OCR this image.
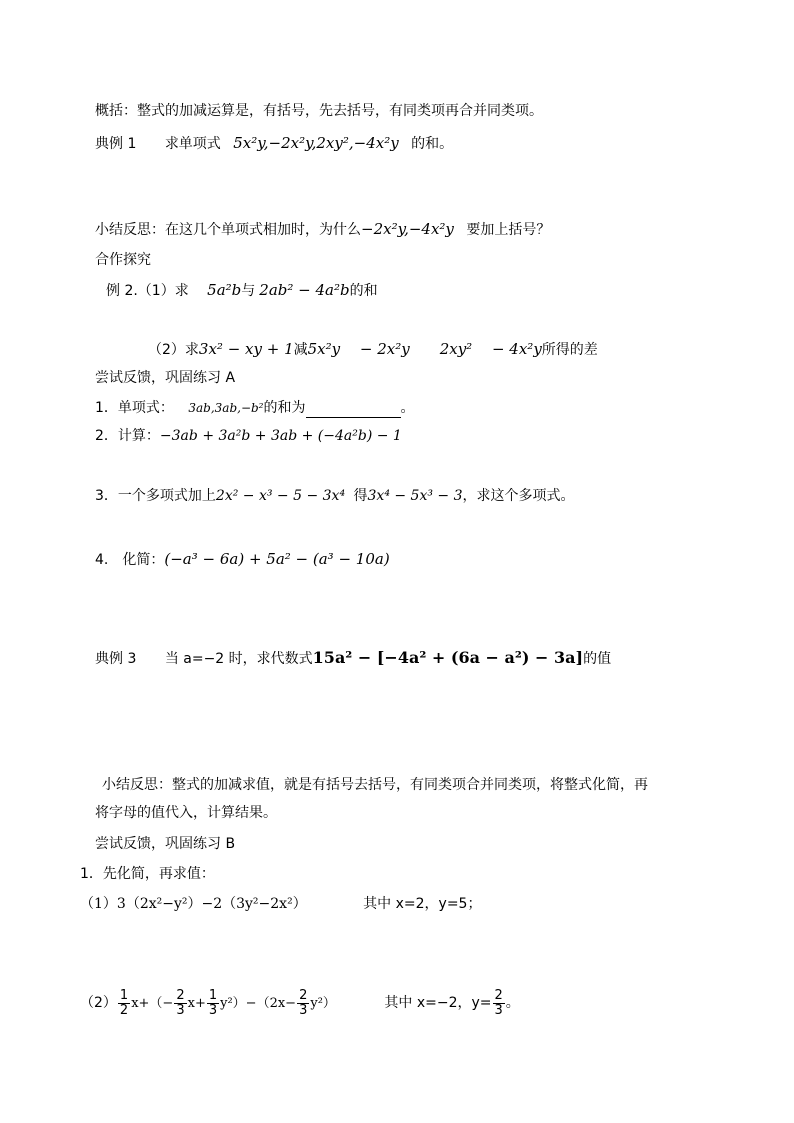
概括：整式的加减运算是，有括号，先去括号，有同类项再合并同类项。
典例 1 求单项式 5x²y,−2x²y,2xy²,−4x²y 的和。
小结反思：在这几个单项式相加时，为什么−2x²y,−4x²y 要加上括号？
合作探究
例 2.（1）求 5a²b与 2ab² − 4a²b的和
（2）求3x² − xy + 1减5x²y　 − 2x²y　　2xy²　 − 4x²y所得的差
尝试反馈，巩固练习 A
1．单项式： 3ab,3ab,−b²的和为	。
2．计算：−3ab + 3a²b + 3ab + (−4a²b) − 1
3．一个多项式加上2x² − x³ − 5 − 3x⁴ 得3x⁴ − 5x³ − 3，求这个多项式。
4.　化简：(−a³ − 6a) + 5a² − (a³ − 10a)
典例 3 当 a=−2 时，求代数式15a² − [−4a² + (6a − a²) − 3a]的值
小结反思：整式的加减求值，就是有括号去括号，有同类项合并同类项，将整式化简，再
将字母的值代入，计算结果。
尝试反馈，巩固练习 B
1．先化简，再求值：
（1）3（2x²−y²）−2（3y²−2x²）	其中 x=2，y=5；
$(2) \frac{1}{2} x+(- \frac{2}{3} x+ \frac{1}{3} y^2)-(2x- \frac{2}{3} y^2)$	其中 x=−2，$y= \frac{2}{3}$ 。
